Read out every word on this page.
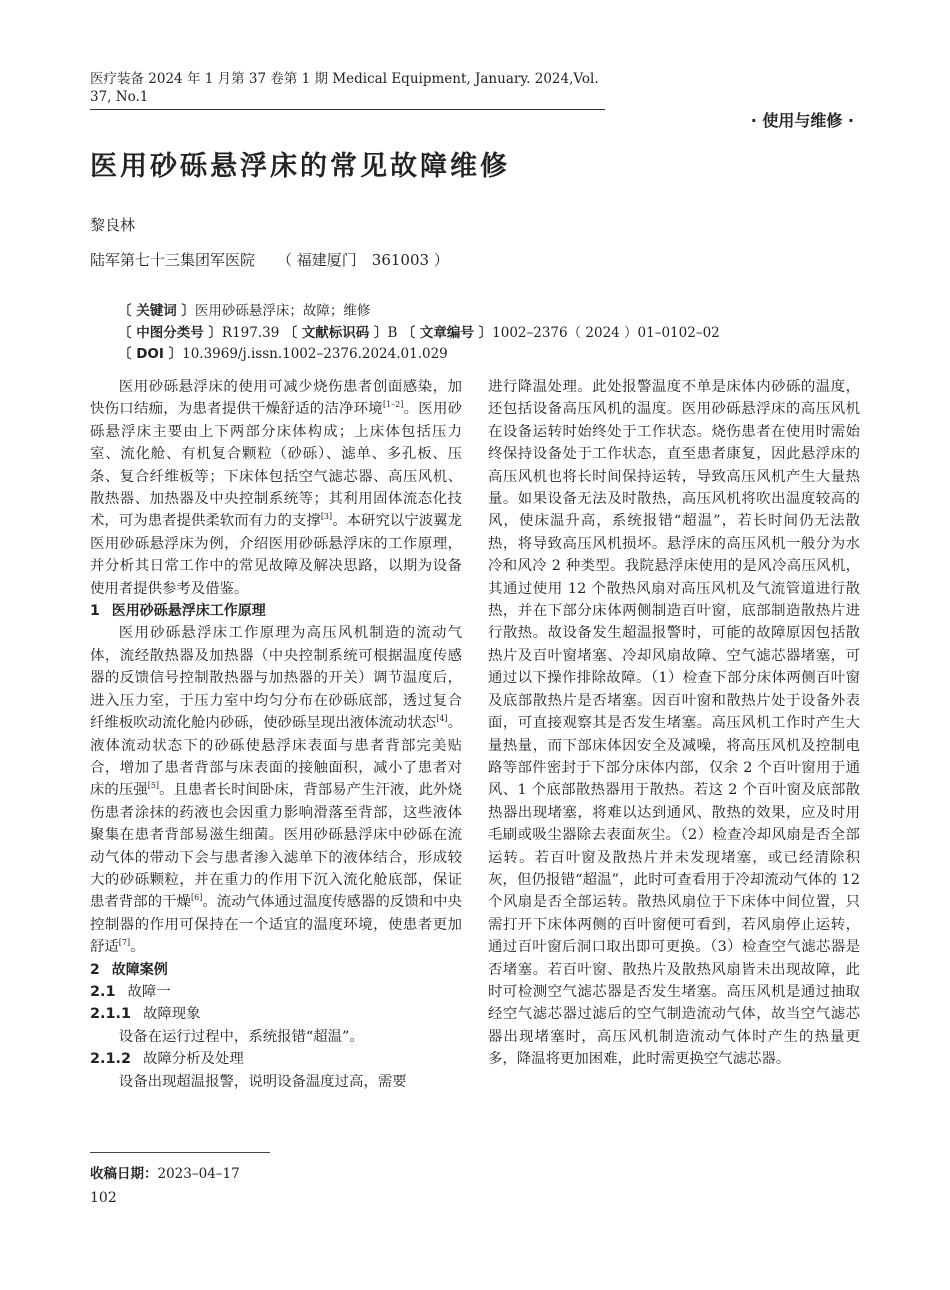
医疗装备 2024 年 1 月第 37 卷第 1 期 Medical Equipment, January. 2024,Vol. 37, No.1
· 使用与维修 ·
医用砂砾悬浮床的常见故障维修
黎良林
陆军第七十三集团军医院 （ 福建厦门　361003 ）
〔 关键词 〕医用砂砾悬浮床；故障；维修
〔 中图分类号 〕R197.39 〔 文献标识码 〕B 〔 文章编号 〕1002–2376（ 2024 ）01–0102–02
〔 DOI 〕10.3969/j.issn.1002–2376.2024.01.029

医用砂砾悬浮床的使用可减少烧伤患者创面感染，加快伤口结痂，为患者提供干燥舒适的洁净环境[1–2]。医用砂砾悬浮床主要由上下两部分床体构成；上床体包括压力室、流化舱、有机复合颗粒（砂砾）、滤单、多孔板、压条、复合纤维板等；下床体包括空气滤芯器、高压风机、散热器、加热器及中央控制系统等；其利用固体流态化技术，可为患者提供柔软而有力的支撑[3]。本研究以宁波翼龙医用砂砾悬浮床为例，介绍医用砂砾悬浮床的工作原理，并分析其日常工作中的常见故障及解决思路，以期为设备使用者提供参考及借鉴。

1 医用砂砾悬浮床工作原理

医用砂砾悬浮床工作原理为高压风机制造的流动气体，流经散热器及加热器（中央控制系统可根据温度传感器的反馈信号控制散热器与加热器的开关）调节温度后，进入压力室，于压力室中均匀分布在砂砾底部，透过复合纤维板吹动流化舱内砂砾，使砂砾呈现出液体流动状态[4]。液体流动状态下的砂砾使悬浮床表面与患者背部完美贴合，增加了患者背部与床表面的接触面积，减小了患者对床的压强[5]。且患者长时间卧床，背部易产生汗液，此外烧伤患者涂抹的药液也会因重力影响滑落至背部，这些液体聚集在患者背部易滋生细菌。医用砂砾悬浮床中砂砾在流动气体的带动下会与患者渗入滤单下的液体结合，形成较大的砂砾颗粒，并在重力的作用下沉入流化舱底部，保证患者背部的干燥[6]。流动气体通过温度传感器的反馈和中央控制器的作用可保持在一个适宜的温度环境，使患者更加舒适[7]。

2 故障案例
2.1 故障一
2.1.1 故障现象

设备在运行过程中，系统报错“超温”。

2.1.2 故障分析及处理

设备出现超温报警，说明设备温度过高，需要

进行降温处理。此处报警温度不单是床体内砂砾的温度，还包括设备高压风机的温度。医用砂砾悬浮床的高压风机在设备运转时始终处于工作状态。烧伤患者在使用时需始终保持设备处于工作状态，直至患者康复，因此悬浮床的高压风机也将长时间保持运转，导致高压风机产生大量热量。如果设备无法及时散热，高压风机将吹出温度较高的风，使床温升高，系统报错“超温”，若长时间仍无法散热，将导致高压风机损坏。悬浮床的高压风机一般分为水冷和风冷 2 种类型。我院悬浮床使用的是风冷高压风机，其通过使用 12 个散热风扇对高压风机及气流管道进行散热，并在下部分床体两侧制造百叶窗，底部制造散热片进行散热。故设备发生超温报警时，可能的故障原因包括散热片及百叶窗堵塞、冷却风扇故障、空气滤芯器堵塞，可通过以下操作排除故障。（1）检查下部分床体两侧百叶窗及底部散热片是否堵塞。因百叶窗和散热片处于设备外表面，可直接观察其是否发生堵塞。高压风机工作时产生大量热量，而下部床体因安全及减噪，将高压风机及控制电路等部件密封于下部分床体内部，仅余 2 个百叶窗用于通风、1 个底部散热器用于散热。若这 2 个百叶窗及底部散热器出现堵塞，将难以达到通风、散热的效果，应及时用毛刷或吸尘器除去表面灰尘。（2）检查冷却风扇是否全部运转。若百叶窗及散热片并未发现堵塞，或已经清除积灰，但仍报错“超温”，此时可查看用于冷却流动气体的 12 个风扇是否全部运转。散热风扇位于下床体中间位置，只需打开下床体两侧的百叶窗便可看到，若风扇停止运转，通过百叶窗后洞口取出即可更换。（3）检查空气滤芯器是否堵塞。若百叶窗、散热片及散热风扇皆未出现故障，此时可检测空气滤芯器是否发生堵塞。高压风机是通过抽取经空气滤芯器过滤后的空气制造流动气体，故当空气滤芯器出现堵塞时，高压风机制造流动气体时产生的热量更多，降温将更加困难，此时需更换空气滤芯器。

收稿日期：2023–04–17
102
